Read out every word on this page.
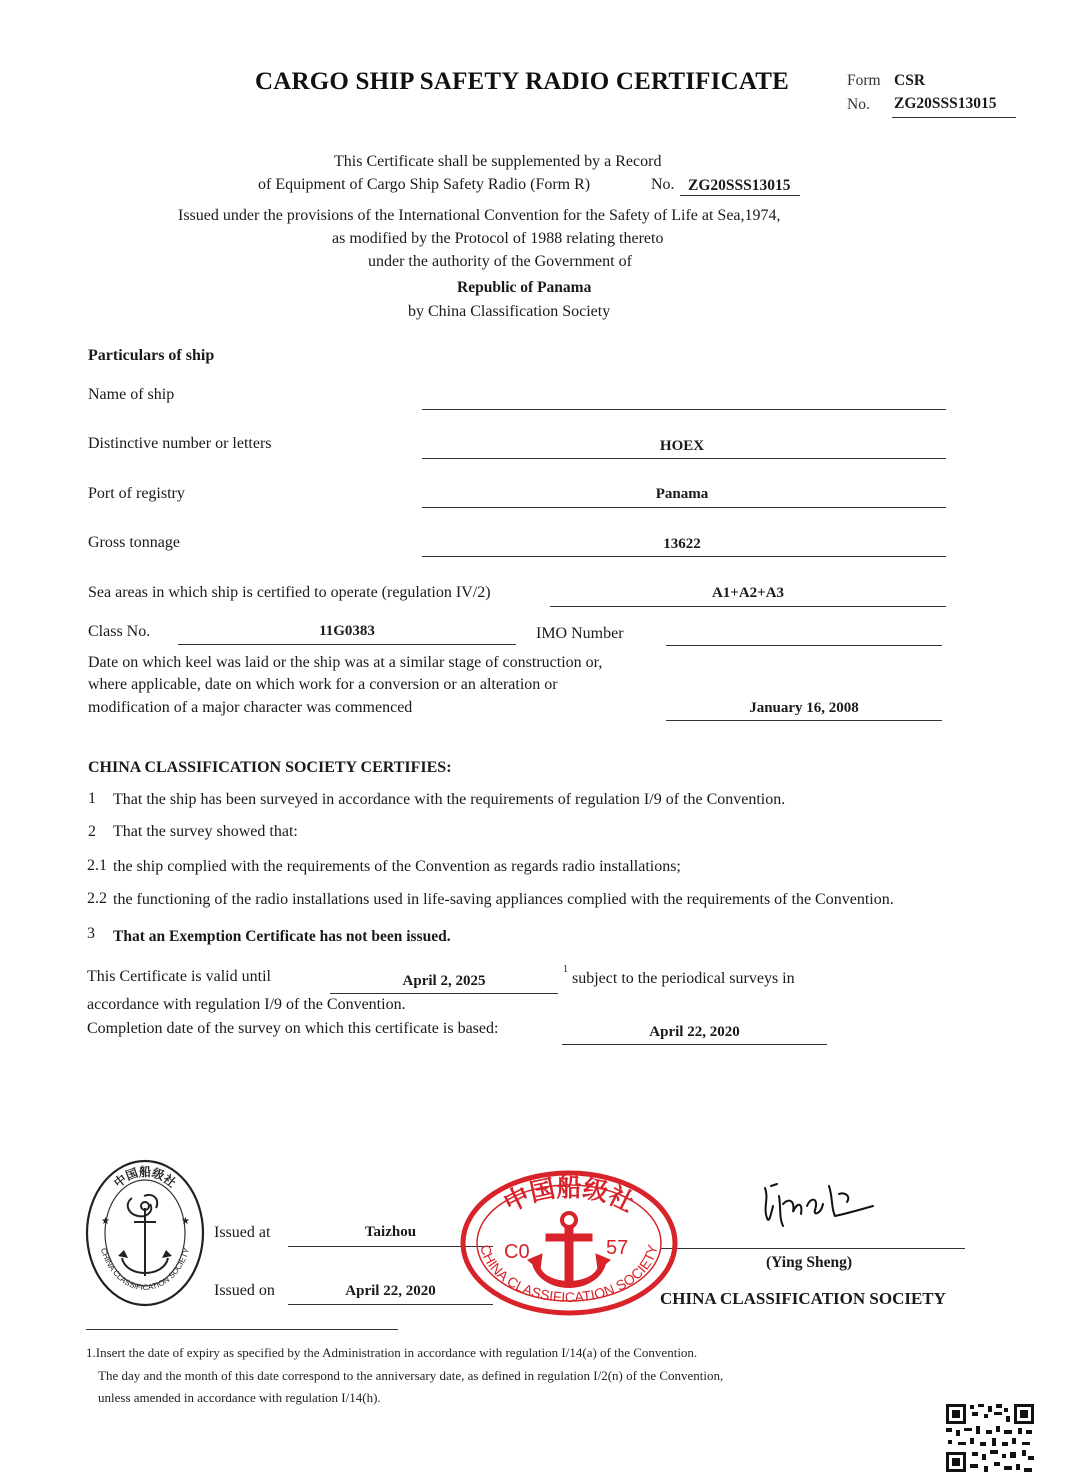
CARGO SHIP SAFETY RADIO CERTIFICATE	Form CSR
No. ZG20SSS13015
This Certificate shall be supplemented by a Record
of Equipment of Cargo Ship Safety Radio (Form R)	No. ZG20SSS13015
Issued under the provisions of the International Convention for the Safety of Life at Sea,1974,
as modified by the Protocol of 1988 relating thereto
under the authority of the Government of
Republic of Panama
by China Classification Society
Particulars of ship
Name of ship
Distinctive number or letters	HOEX
Port of registry	Panama
Gross tonnage	13622
Sea areas in which ship is certified to operate (regulation IV/2)	A1+A2+A3
Class No.	11G0383	IMO Number
Date on which keel was laid or the ship was at a similar stage of construction or,
where applicable, date on which work for a conversion or an alteration or
modification of a major character was commenced	January 16, 2008
CHINA CLASSIFICATION SOCIETY CERTIFIES:
1 That the ship has been surveyed in accordance with the requirements of regulation I/9 of the Convention.
2 That the survey showed that:
2.1 the ship complied with the requirements of the Convention as regards radio installations;
2.2 the functioning of the radio installations used in life-saving appliances complied with the requirements of the Convention.
3 That an Exemption Certificate has not been issued.
This Certificate is valid until	April 2, 2025
1
subject to the periodical surveys in
accordance with regulation I/9 of the Convention.
Completion date of the survey on which this certificate is based:	April 22, 2020
中国船级社
CHINA CLASSIFICATION SOCIETY
★	★
Issued at	Taizhou
Issued on	April 22, 2020
(Ying Sheng)
CHINA CLASSIFICATION SOCIETY
中国船级社
CHINA CLASSIFICATION SOCIETY
C0	57
1.Insert the date of expiry as specified by the Administration in accordance with regulation I/14(a) of the Convention.
The day and the month of this date correspond to the anniversary date, as defined in regulation I/2(n) of the Convention,
unless amended in accordance with regulation I/14(h).
